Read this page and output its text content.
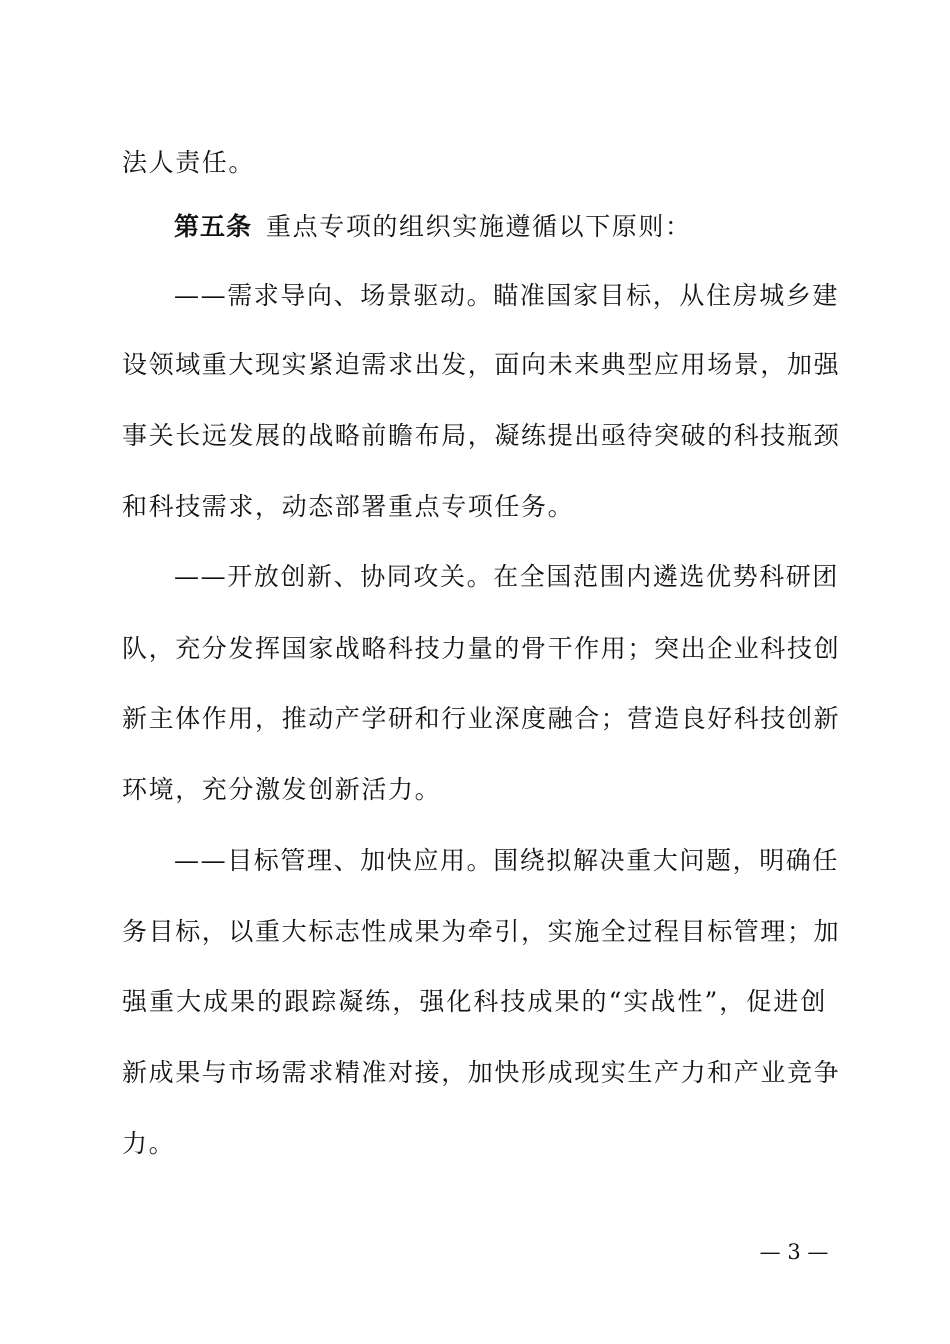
法人责任。
第五条 重点专项的组织实施遵循以下原则：
——需求导向、场景驱动。瞄准国家目标，从住房城乡建
设领域重大现实紧迫需求出发，面向未来典型应用场景，加强
事关长远发展的战略前瞻布局，凝练提出亟待突破的科技瓶颈
和科技需求，动态部署重点专项任务。
——开放创新、协同攻关。在全国范围内遴选优势科研团
队，充分发挥国家战略科技力量的骨干作用；突出企业科技创
新主体作用，推动产学研和行业深度融合；营造良好科技创新
环境，充分激发创新活力。
——目标管理、加快应用。围绕拟解决重大问题，明确任
务目标，以重大标志性成果为牵引，实施全过程目标管理；加
强重大成果的跟踪凝练，强化科技成果的“实战性”，促进创
新成果与市场需求精准对接，加快形成现实生产力和产业竞争
力。
— 3 —
